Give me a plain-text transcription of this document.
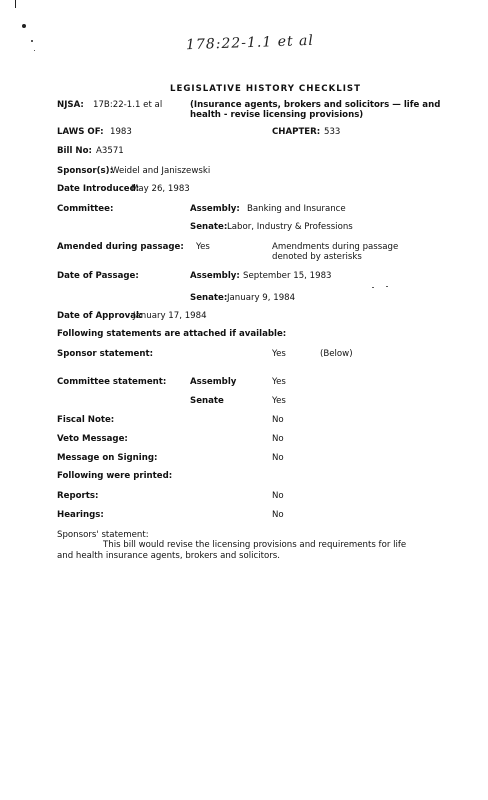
178:22-1.1 et al
LEGISLATIVE HISTORY CHECKLIST
NJSA: 17B:22-1.1 et al	(Insurance agents, brokers and solicitors — life and
health - revise licensing provisions)
LAWS OF: 1983	CHAPTER: 533
Bill No: A3571
Sponsor(s):
Weidel and Janiszewski
Date Introduced:
May 26, 1983
Committee:	Assembly: Banking and Insurance
Senate: Labor, Industry & Professions
Amended during passage: Yes	Amendments during passage
denoted by asterisks
Date of Passage:	Assembly: September 15, 1983
Senate: January 9, 1984
Date of Approval:
January 17, 1984
Following statements are attached if available:
Sponsor statement:	Yes	(Below)
Committee statement:	Assembly	Yes
Senate	Yes
Fiscal Note:	No
Veto Message:	No
Message on Signing:	No
Following were printed:
Reports:	No
Hearings:	No
Sponsors' statement:
This bill would revise the licensing provisions and requirements for life and health insurance agents, brokers and solicitors.
